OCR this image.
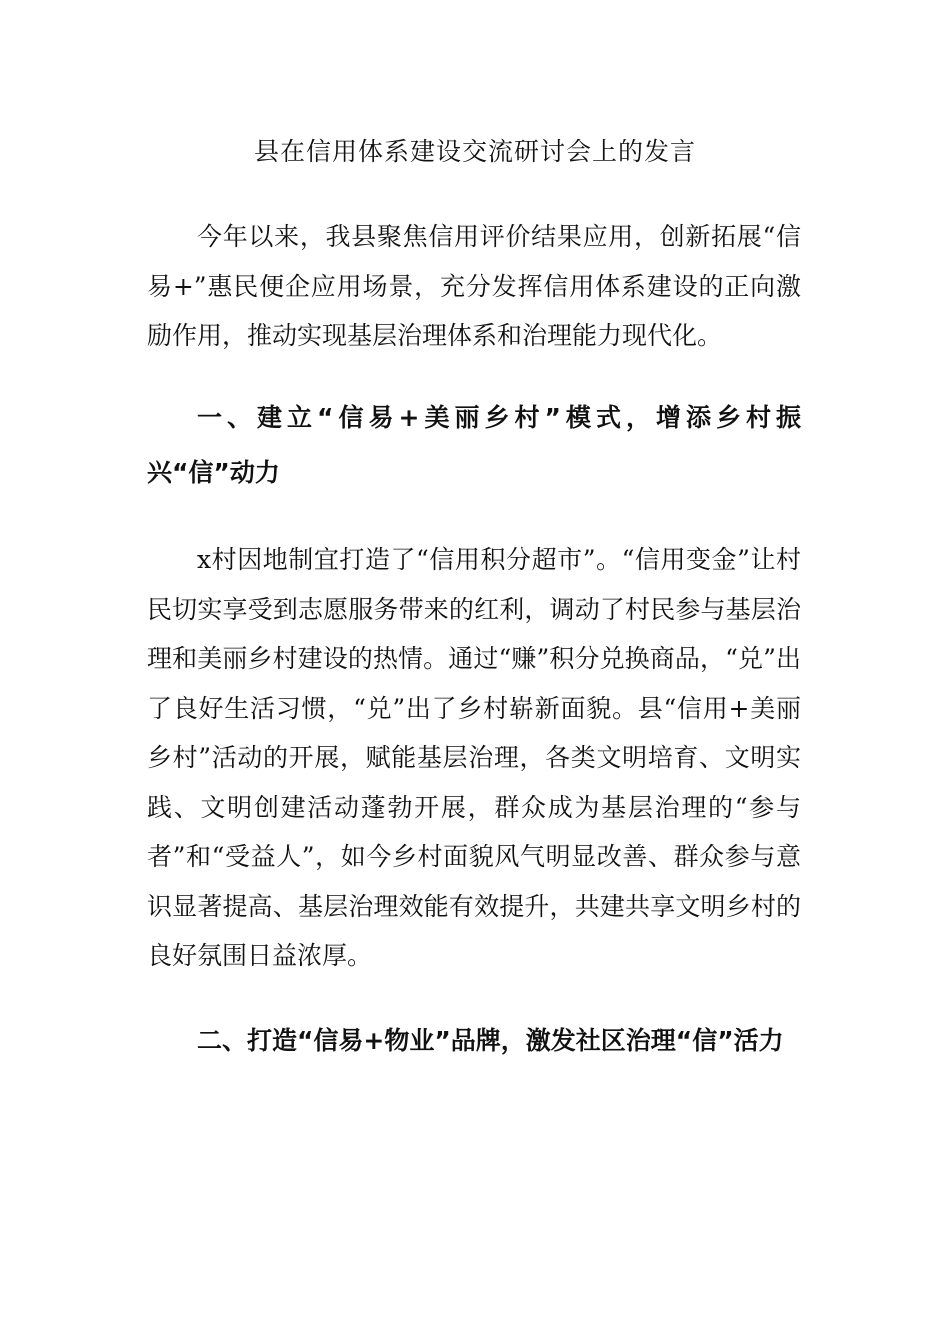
县在信用体系建设交流研讨会上的发言

今年以来，我县聚焦信用评价结果应用，创新拓展“信易+”惠民便企应用场景，充分发挥信用体系建设的正向激励作用，推动实现基层治理体系和治理能力现代化。

一、建立“信易+美丽乡村”模式，增添乡村振兴“信”动力

x村因地制宜打造了“信用积分超市”。“信用变金”让村民切实享受到志愿服务带来的红利，调动了村民参与基层治理和美丽乡村建设的热情。通过“赚”积分兑换商品，“兑”出了良好生活习惯，“兑”出了乡村崭新面貌。县“信用+美丽乡村”活动的开展，赋能基层治理，各类文明培育、文明实践、文明创建活动蓬勃开展，群众成为基层治理的“参与者”和“受益人”，如今乡村面貌风气明显改善、群众参与意识显著提高、基层治理效能有效提升，共建共享文明乡村的良好氛围日益浓厚。

二、打造“信易+物业”品牌，激发社区治理“信”活力
